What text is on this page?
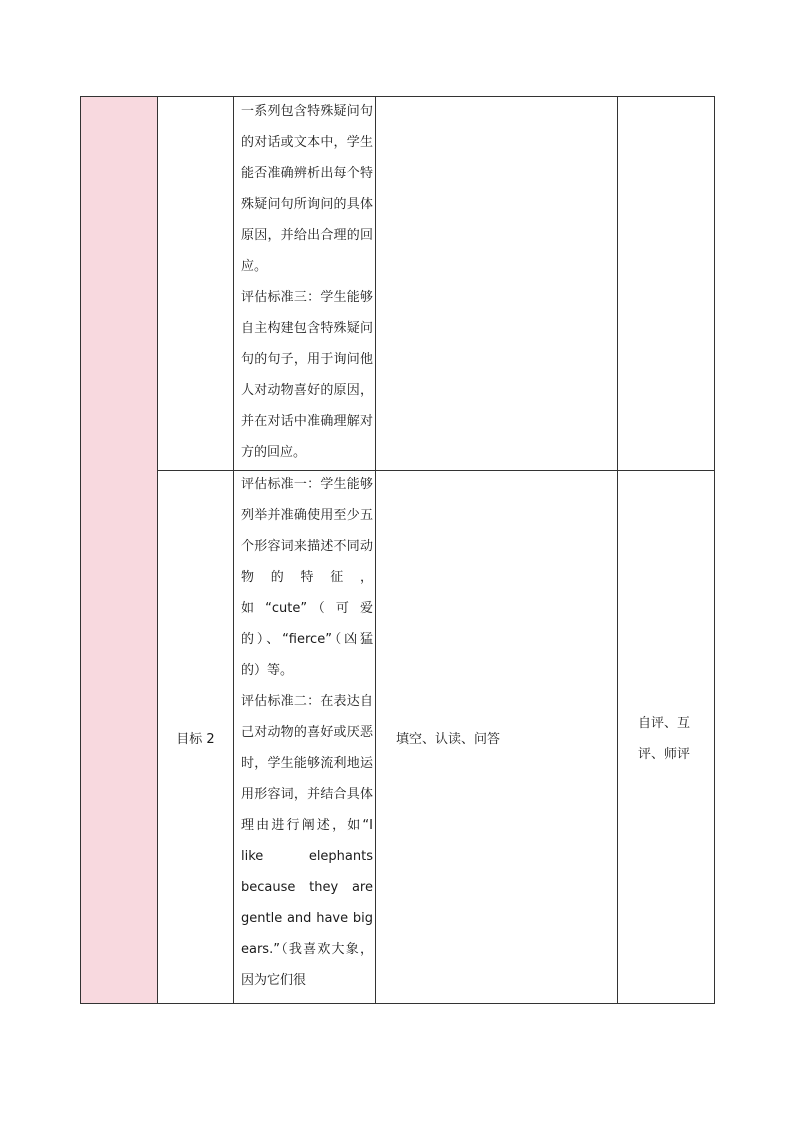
		一系列包含特殊疑问句的对话或文本中，学生能否准确辨析出每个特殊疑问句所询问的具体原因，并给出合理的回应。

评估标准三：学生能够自主构建包含特殊疑问句的句子，用于询问他人对动物喜好的原因，并在对话中准确理解对方的回应。		

	目标 2	评估标准一：学生能够列举并准确使用至少五个形容词来描述不同动物的特征，如“cute”（可爱的）、“fierce”（凶猛的）等。

评估标准二：在表达自己对动物的喜好或厌恶时，学生能够流利地运用形容词，并结合具体理由进行阐述，如“I like elephants because they are gentle and have big ears.”（我喜欢大象，因为它们很	填空、认读、问答	自评、互评、师评
